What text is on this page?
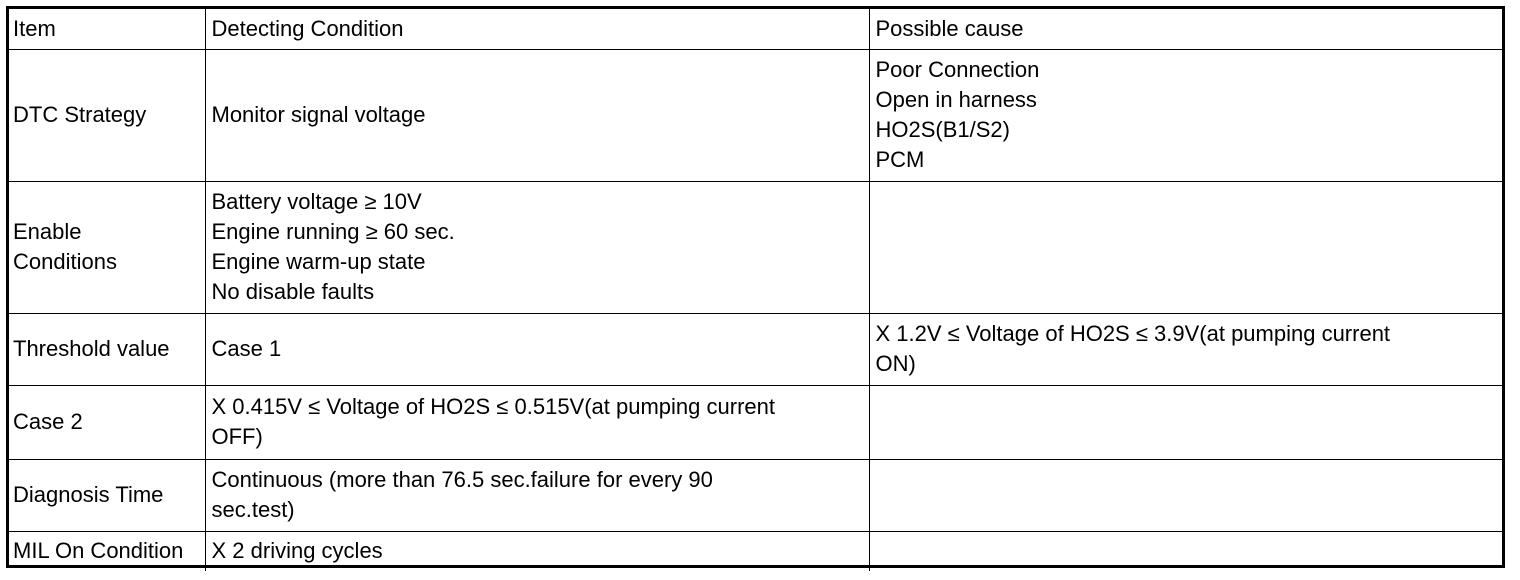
Item	Detecting Condition	Possible cause
DTC Strategy	Monitor signal voltage	Poor Connection
Open in harness
HO2S(B1/S2)
PCM
Enable
Conditions	Battery voltage ≥ 10V
Engine running ≥ 60 sec.
Engine warm-up state
No disable faults	
Threshold value	Case 1	X 1.2V ≤ Voltage of HO2S ≤ 3.9V(at pumping current
ON)
Case 2	X 0.415V ≤ Voltage of HO2S ≤ 0.515V(at pumping current
OFF)	
Diagnosis Time	Continuous (more than 76.5 sec.failure for every 90
sec.test)	
MIL On Condition	X 2 driving cycles	
